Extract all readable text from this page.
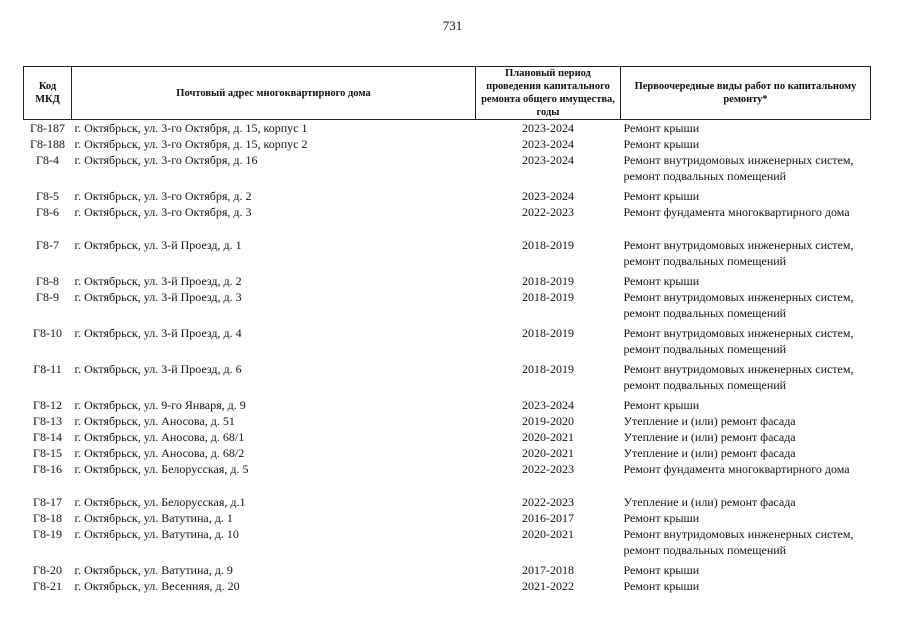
731
Код МКД	Почтовый адрес многоквартирного дома	Плановый период проведения капитального ремонта общего имущества, годы	Первоочередные виды работ по капитальному ремонту*
Г8-187	г. Октябрьск, ул. 3-го Октября, д. 15, корпус 1	2023-2024	Ремонт крыши
Г8-188	г. Октябрьск, ул. 3-го Октября, д. 15, корпус 2	2023-2024	Ремонт крыши
Г8-4	г. Октябрьск, ул. 3-го Октября, д. 16	2023-2024	Ремонт внутридомовых инженерных систем, ремонт подвальных помещений
Г8-5	г. Октябрьск, ул. 3-го Октября, д. 2	2023-2024	Ремонт крыши
Г8-6	г. Октябрьск, ул. 3-го Октября, д. 3	2022-2023	Ремонт фундамента многоквартирного дома
Г8-7	г. Октябрьск, ул. 3-й Проезд, д. 1	2018-2019	Ремонт внутридомовых инженерных систем, ремонт подвальных помещений
Г8-8	г. Октябрьск, ул. 3-й Проезд, д. 2	2018-2019	Ремонт крыши
Г8-9	г. Октябрьск, ул. 3-й Проезд, д. 3	2018-2019	Ремонт внутридомовых инженерных систем, ремонт подвальных помещений
Г8-10	г. Октябрьск, ул. 3-й Проезд, д. 4	2018-2019	Ремонт внутридомовых инженерных систем, ремонт подвальных помещений
Г8-11	г. Октябрьск, ул. 3-й Проезд, д. 6	2018-2019	Ремонт внутридомовых инженерных систем, ремонт подвальных помещений
Г8-12	г. Октябрьск, ул. 9-го Января, д. 9	2023-2024	Ремонт крыши
Г8-13	г. Октябрьск, ул. Аносова, д. 51	2019-2020	Утепление и (или) ремонт фасада
Г8-14	г. Октябрьск, ул. Аносова, д. 68/1	2020-2021	Утепление и (или) ремонт фасада
Г8-15	г. Октябрьск, ул. Аносова, д. 68/2	2020-2021	Утепление и (или) ремонт фасада
Г8-16	г. Октябрьск, ул. Белорусская, д. 5	2022-2023	Ремонт фундамента многоквартирного дома
Г8-17	г. Октябрьск, ул. Белорусская, д.1	2022-2023	Утепление и (или) ремонт фасада
Г8-18	г. Октябрьск, ул. Ватутина, д. 1	2016-2017	Ремонт крыши
Г8-19	г. Октябрьск, ул. Ватутина, д. 10	2020-2021	Ремонт внутридомовых инженерных систем, ремонт подвальных помещений
Г8-20	г. Октябрьск, ул. Ватутина, д. 9	2017-2018	Ремонт крыши
Г8-21	г. Октябрьск, ул. Весенняя, д. 20	2021-2022	Ремонт крыши
